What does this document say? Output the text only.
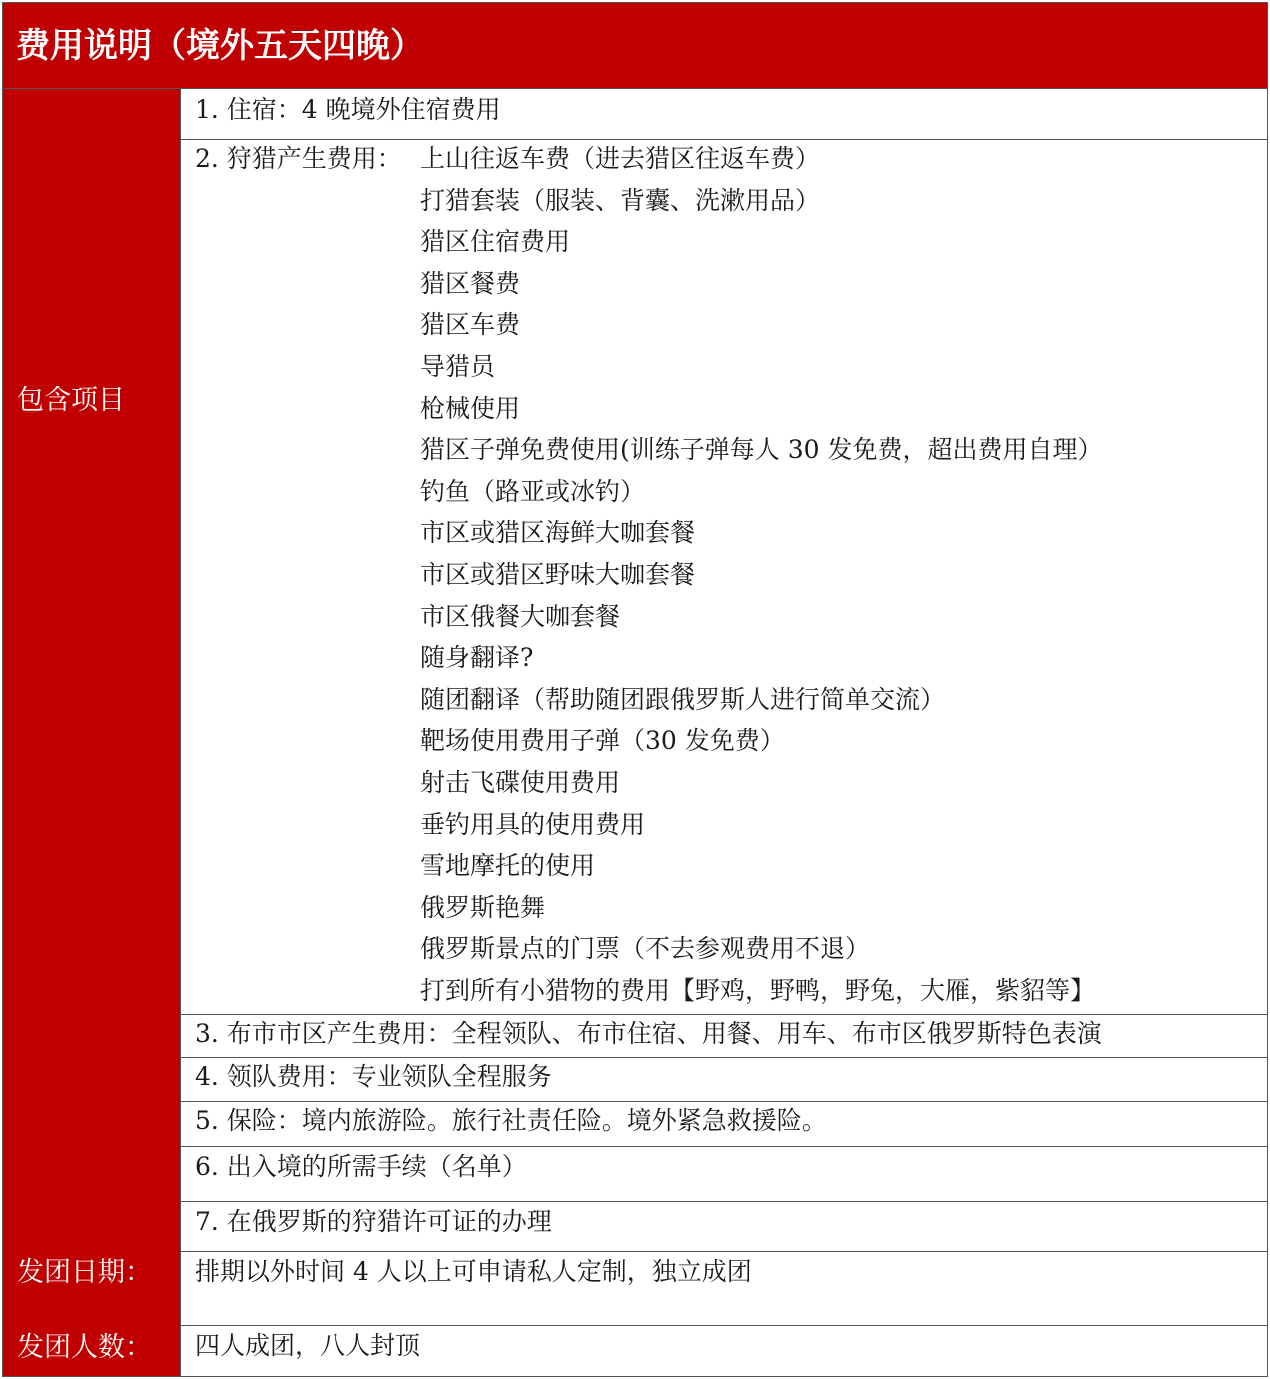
费用说明（境外五天四晚）
包含项目
1. 住宿：4 晚境外住宿费用
2. 狩猎产生费用： 上山往返车费（进去猎区往返车费）
打猎套装（服装、背囊、洗漱用品）
猎区住宿费用
猎区餐费
猎区车费
导猎员
枪械使用
猎区子弹免费使用(训练子弹每人 30 发免费，超出费用自理）
钓鱼（路亚或冰钓）
市区或猎区海鲜大咖套餐
市区或猎区野味大咖套餐
市区俄餐大咖套餐
随身翻译?
随团翻译（帮助随团跟俄罗斯人进行简单交流）
靶场使用费用子弹（30 发免费）
射击飞碟使用费用
垂钓用具的使用费用
雪地摩托的使用
俄罗斯艳舞
俄罗斯景点的门票（不去参观费用不退）
打到所有小猎物的费用【野鸡，野鸭，野兔，大雁，紫貂等】
3. 布市市区产生费用：全程领队、布市住宿、用餐、用车、布市区俄罗斯特色表演
4. 领队费用：专业领队全程服务
5. 保险：境内旅游险。旅行社责任险。境外紧急救援险。
6. 出入境的所需手续（名单）
7. 在俄罗斯的狩猎许可证的办理
发团日期： 排期以外时间 4 人以上可申请私人定制，独立成团
发团人数： 四人成团，八人封顶
